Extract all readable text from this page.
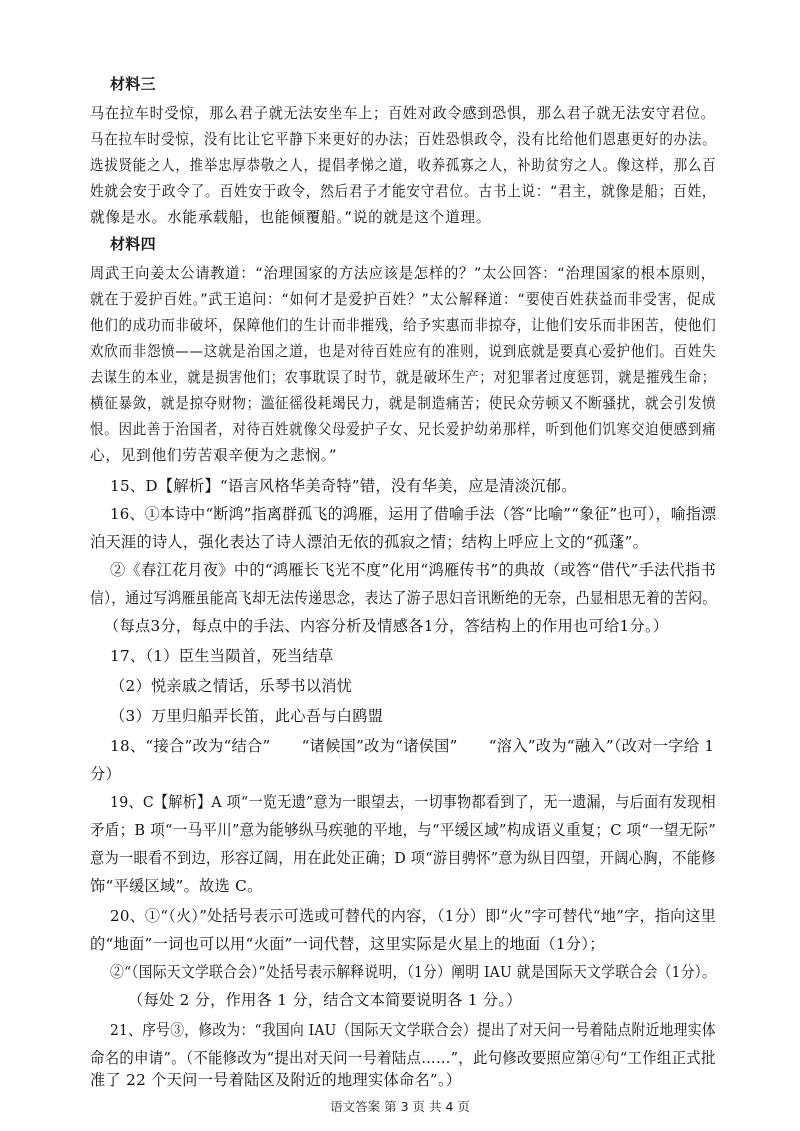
材料三
马在拉车时受惊，那么君子就无法安坐车上；百姓对政令感到恐惧，那么君子就无法安守君位。
马在拉车时受惊，没有比让它平静下来更好的办法；百姓恐惧政令，没有比给他们恩惠更好的办法。
选拔贤能之人，推举忠厚恭敬之人，提倡孝悌之道，收养孤寡之人，补助贫穷之人。像这样，那么百
姓就会安于政令了。百姓安于政令，然后君子才能安守君位。古书上说：“君主，就像是船；百姓，
就像是水。水能承载船，也能倾覆船。”说的就是这个道理。
材料四
周武王向姜太公请教道：“治理国家的方法应该是怎样的？”太公回答：“治理国家的根本原则，
就在于爱护百姓。”武王追问：“如何才是爱护百姓？”太公解释道：“要使百姓获益而非受害，促成
他们的成功而非破坏，保障他们的生计而非摧残，给予实惠而非掠夺，让他们安乐而非困苦，使他们
欢欣而非怨愤——这就是治国之道，也是对待百姓应有的准则，说到底就是要真心爱护他们。百姓失
去谋生的本业，就是损害他们；农事耽误了时节，就是破坏生产；对犯罪者过度惩罚，就是摧残生命；
横征暴敛，就是掠夺财物；滥征徭役耗竭民力，就是制造痛苦；使民众劳顿又不断骚扰，就会引发愤
恨。因此善于治国者，对待百姓就像父母爱护子女、兄长爱护幼弟那样，听到他们饥寒交迫便感到痛
心，见到他们劳苦艰辛便为之悲悯。”
15、D【解析】“语言风格华美奇特”错，没有华美，应是清淡沉郁。
16、①本诗中“断鸿”指离群孤飞的鸿雁，运用了借喻手法（答“比喻”“象征”也可），喻指漂
泊天涯的诗人，强化表达了诗人漂泊无依的孤寂之情；结构上呼应上文的“孤蓬”。
②《春江花月夜》中的“鸿雁长飞光不度”化用“鸿雁传书”的典故（或答“借代”手法代指书
信），通过写鸿雁虽能高飞却无法传递思念，表达了游子思妇音讯断绝的无奈，凸显相思无着的苦闷。
（每点3分，每点中的手法、内容分析及情感各1分，答结构上的作用也可给1分。）
17、（1）臣生当陨首，死当结草
（2）悦亲戚之情话，乐琴书以消忧
（3）万里归船弄长笛，此心吾与白鸥盟
18、“接合”改为“结合”　　“诸候国”改为“诸侯国”　　“溶入”改为“融入”（改对一字给 1
分）
19、C【解析】A 项“一览无遗”意为一眼望去，一切事物都看到了，无一遗漏，与后面有发现相
矛盾；B 项“一马平川”意为能够纵马疾驰的平地，与“平缓区域”构成语义重复；C 项“一望无际”
意为一眼看不到边，形容辽阔，用在此处正确；D 项“游目骋怀”意为纵目四望，开阔心胸，不能修
饰“平缓区域”。故选 C。
20、①“（火）”处括号表示可选或可替代的内容，（1分）即“火”字可替代“地”字，指向这里
的“地面”一词也可以用“火面”一词代替，这里实际是火星上的地面（1分）；
②“（国际天文学联合会）”处括号表示解释说明，（1分）阐明 IAU 就是国际天文学联合会（1分）。
（每处 2 分，作用各 1 分，结合文本简要说明各 1 分。）
21、序号③，修改为：“我国向 IAU（国际天文学联合会）提出了对天问一号着陆点附近地理实体
命名的申请”。（不能修改为“提出对天问一号着陆点……”，此句修改要照应第④句“工作组正式批
准了 22 个天问一号着陆区及附近的地理实体命名”。）
语文答案 第 3 页 共 4 页
